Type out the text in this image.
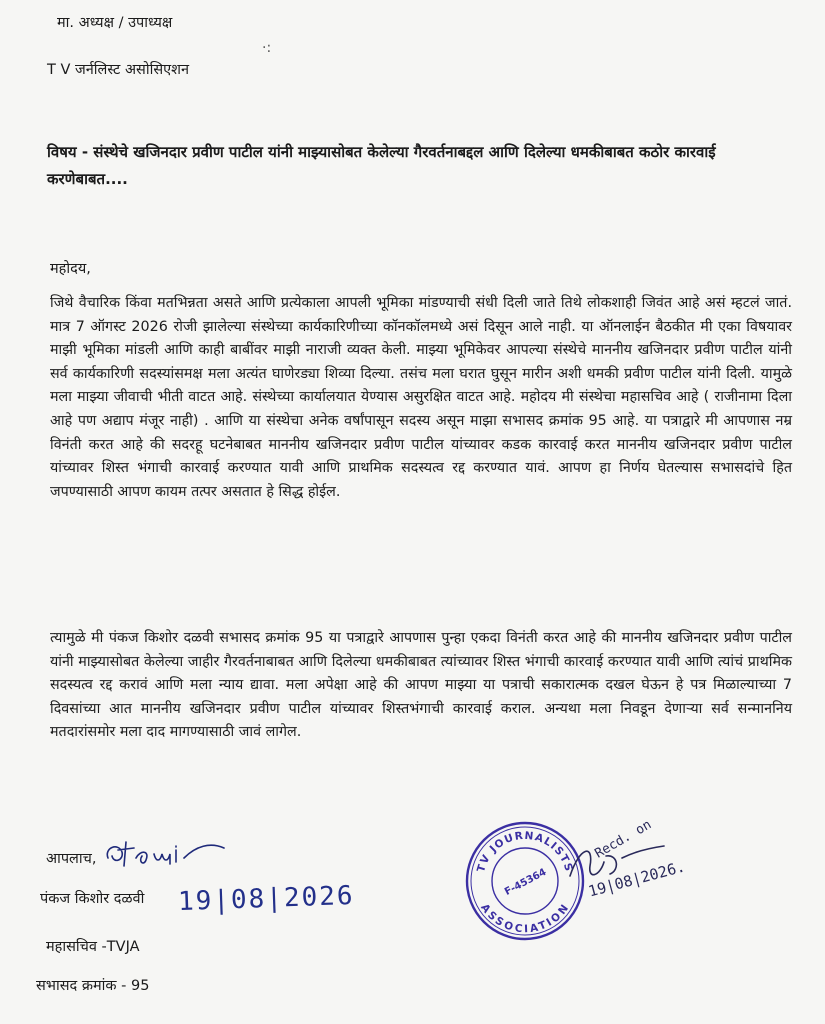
मा. अध्यक्ष / उपाध्यक्ष
·:
T V जर्नलिस्ट असोसिएशन
विषय - संस्थेचे खजिनदार प्रवीण पाटील यांनी माझ्यासोबत केलेल्या गैरवर्तनाबद्दल आणि दिलेल्या धमकीबाबत कठोर कारवाई करणेबाबत....
महोदय,
जिथे वैचारिक किंवा मतभिन्नता असते आणि प्रत्येकाला आपली भूमिका मांडण्याची संधी दिली जाते तिथे लोकशाही जिवंत आहे असं म्हटलं जातं. मात्र 7 ऑगस्ट 2026 रोजी झालेल्या संस्थेच्या कार्यकारिणीच्या कॉनकॉलमध्ये असं दिसून आले नाही. या ऑनलाईन बैठकीत मी एका विषयावर माझी भूमिका मांडली आणि काही बाबींवर माझी नाराजी व्यक्त केली. माझ्या भूमिकेवर आपल्या संस्थेचे माननीय खजिनदार प्रवीण पाटील यांनी सर्व कार्यकारिणी सदस्यांसमक्ष मला अत्यंत घाणेरड्या शिव्या दिल्या. तसंच मला घरात घुसून मारीन अशी धमकी प्रवीण पाटील यांनी दिली. यामुळे मला माझ्या जीवाची भीती वाटत आहे. संस्थेच्या कार्यालयात येण्यास असुरक्षित वाटत आहे. महोदय मी संस्थेचा महासचिव आहे ( राजीनामा दिला आहे पण अद्याप मंजूर नाही) . आणि या संस्थेचा अनेक वर्षांपासून सदस्य असून माझा सभासद क्रमांक 95 आहे. या पत्राद्वारे मी आपणास नम्र विनंती करत आहे की सदरहू घटनेबाबत माननीय खजिनदार प्रवीण पाटील यांच्यावर कडक कारवाई करत माननीय खजिनदार प्रवीण पाटील यांच्यावर शिस्त भंगाची कारवाई करण्यात यावी आणि प्राथमिक सदस्यत्व रद्द करण्यात यावं. आपण हा निर्णय घेतल्यास सभासदांचे हित जपण्यासाठी आपण कायम तत्पर असतात हे सिद्ध होईल.
त्यामुळे मी पंकज किशोर दळवी सभासद क्रमांक 95 या पत्राद्वारे आपणास पुन्हा एकदा विनंती करत आहे की माननीय खजिनदार प्रवीण पाटील यांनी माझ्यासोबत केलेल्या जाहीर गैरवर्तनाबाबत आणि दिलेल्या धमकीबाबत त्यांच्यावर शिस्त भंगाची कारवाई करण्यात यावी आणि त्यांचं प्राथमिक सदस्यत्व रद्द करावं आणि मला न्याय द्यावा. मला अपेक्षा आहे की आपण माझ्या या पत्राची सकारात्मक दखल घेऊन हे पत्र मिळाल्याच्या 7 दिवसांच्या आत माननीय खजिनदार प्रवीण पाटील यांच्यावर शिस्तभंगाची कारवाई कराल. अन्यथा मला निवडून देणाऱ्या सर्व सन्माननिय मतदारांसमोर मला दाद मागण्यासाठी जावं लागेल.
आपलाच,
पंकज किशोर दळवी 19|08|2026
महासचिव -TVJA
सभासद क्रमांक - 95
TV JOURNALISTS
ASSOCIATION
F-45364
Recd. on
19|08|2026.
